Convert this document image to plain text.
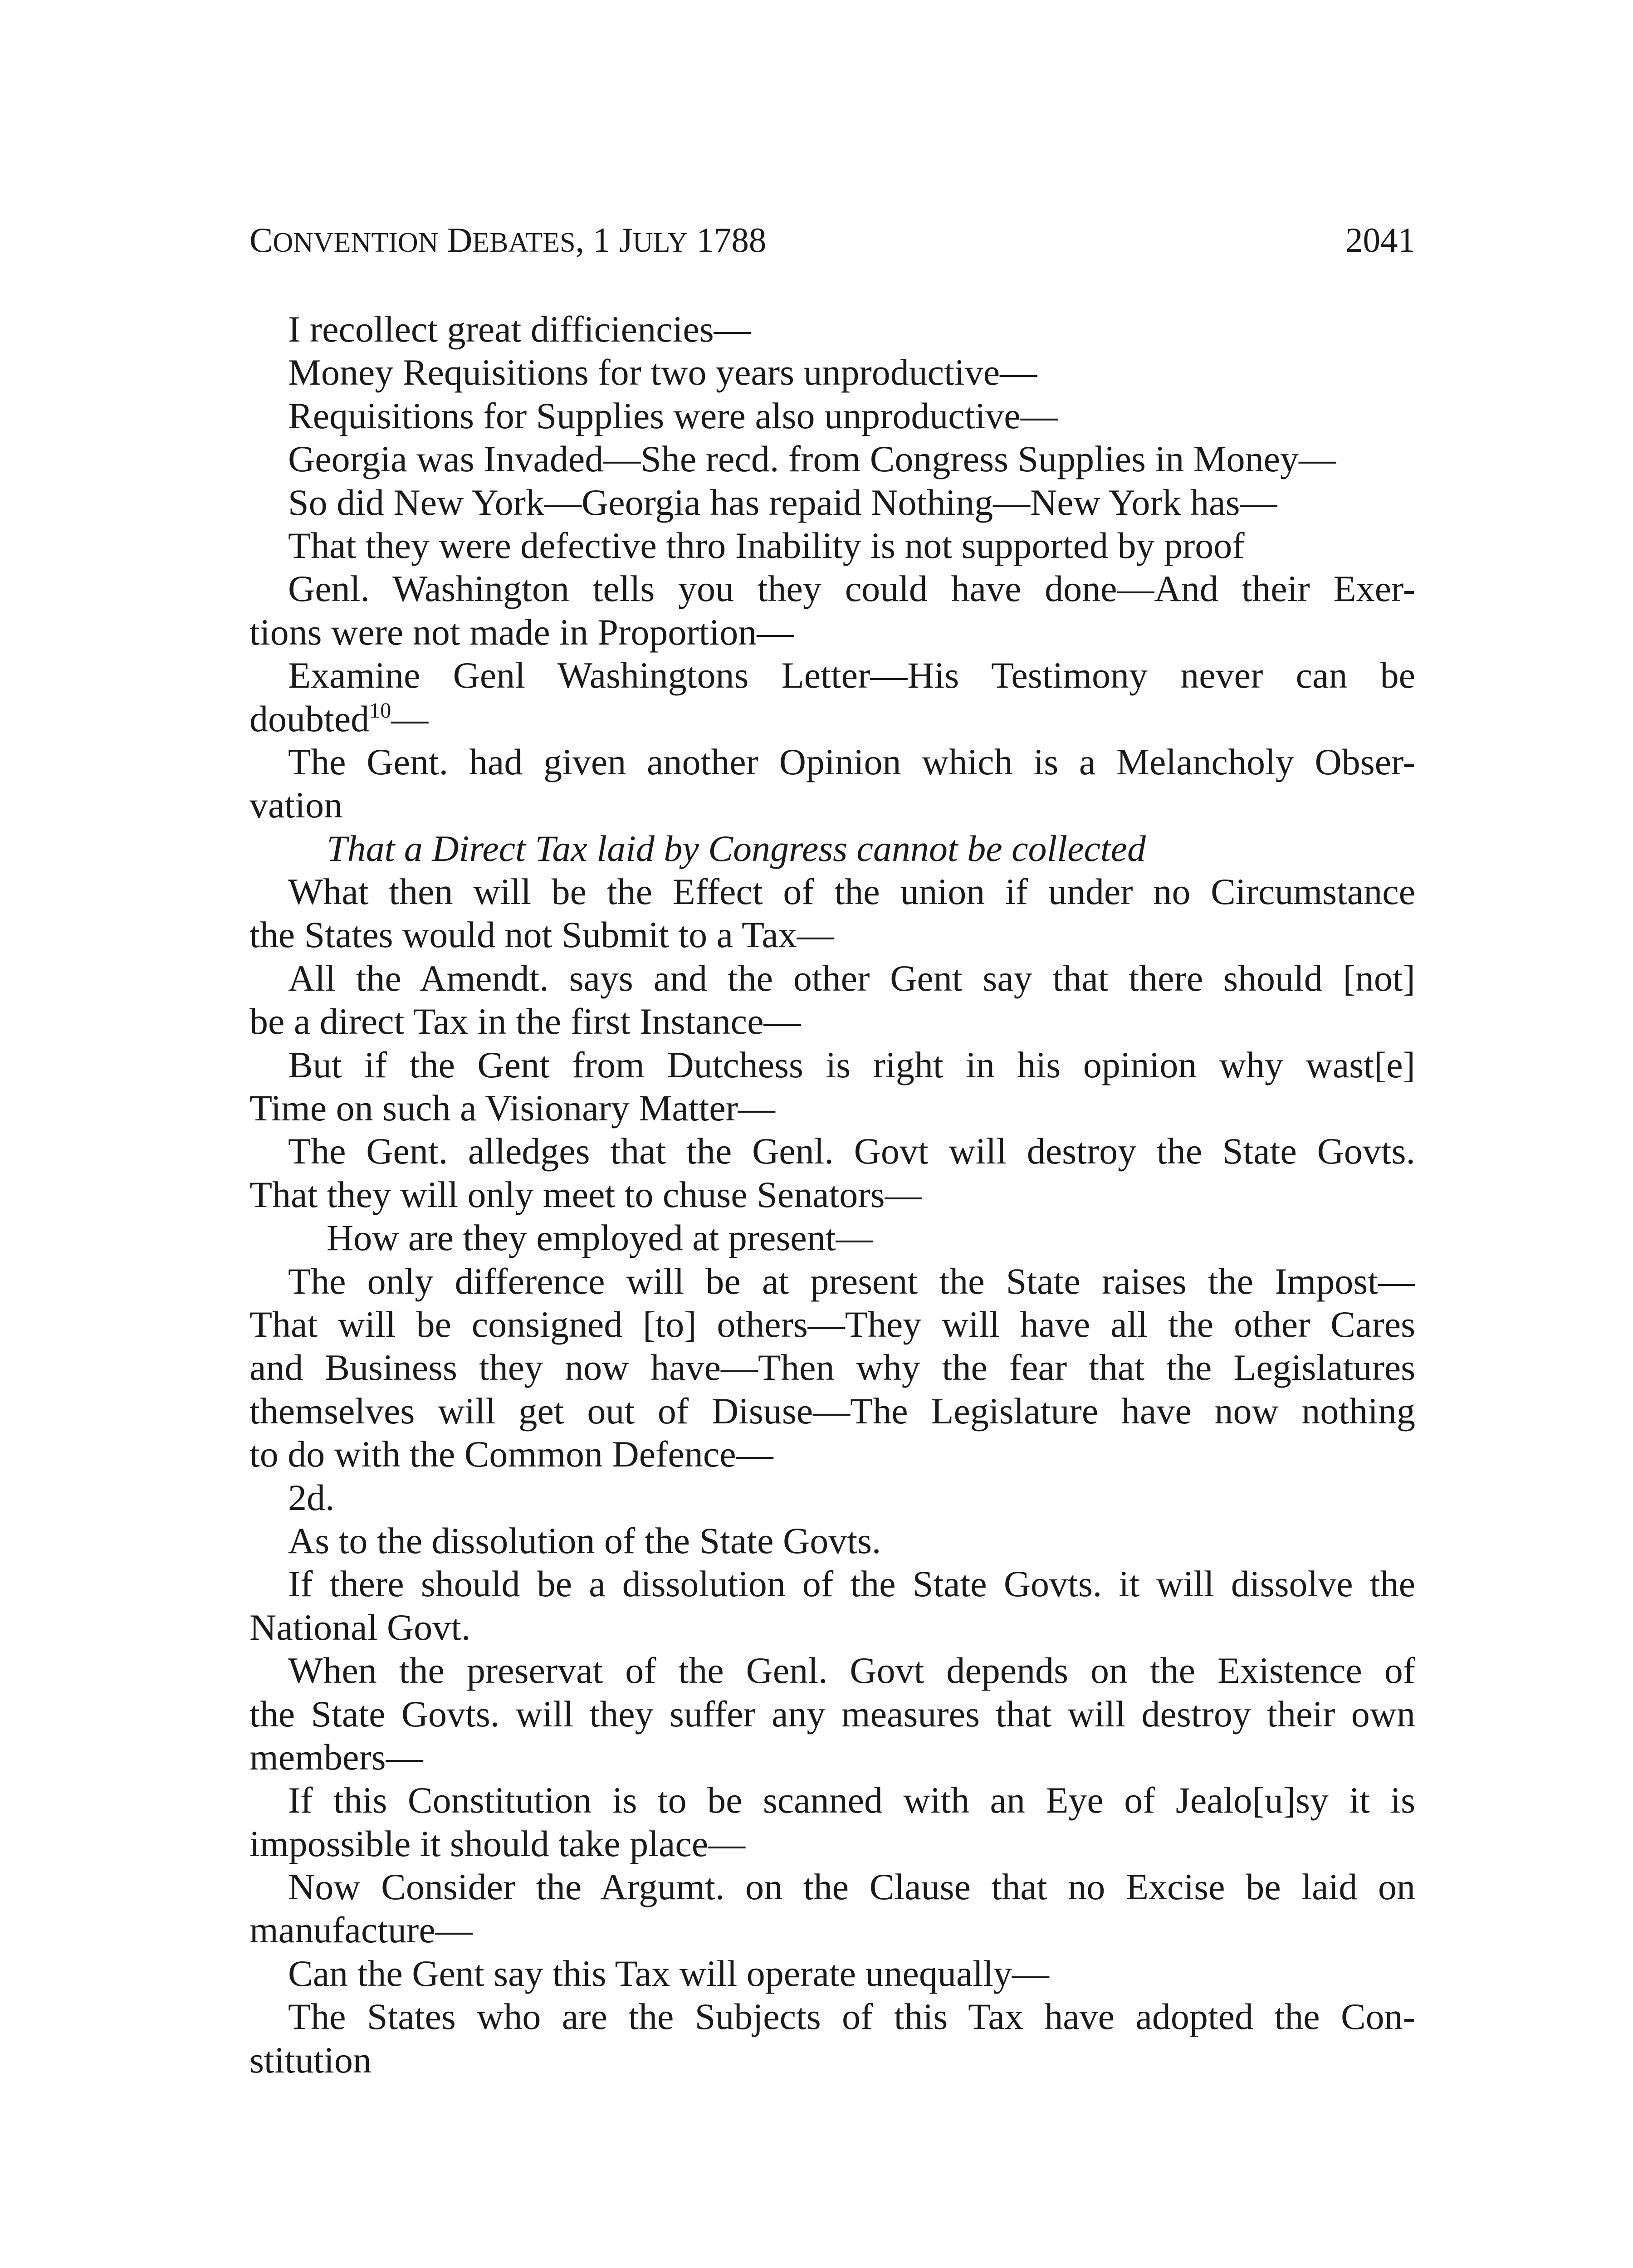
CONVENTION DEBATES, 1 JULY 1788	2041
I recollect great difficiencies—
Money Requisitions for two years unproductive—
Requisitions for Supplies were also unproductive—
Georgia was Invaded—She recd. from Congress Supplies in Money—
So did New York—Georgia has repaid Nothing—New York has—
That they were defective thro Inability is not supported by proof
Genl. Washington tells you they could have done—And their Exer-
tions were not made in Proportion—
Examine Genl Washingtons Letter—His Testimony never can be
doubted$^{10}$—
The Gent. had given another Opinion which is a Melancholy Obser-
vation
That a Direct Tax laid by Congress cannot be collected
What then will be the Effect of the union if under no Circumstance
the States would not Submit to a Tax—
All the Amendt. says and the other Gent say that there should [not]
be a direct Tax in the first Instance—
But if the Gent from Dutchess is right in his opinion why wast[e]
Time on such a Visionary Matter—
The Gent. alledges that the Genl. Govt will destroy the State Govts.
That they will only meet to chuse Senators—
How are they employed at present—
The only difference will be at present the State raises the Impost—
That will be consigned [to] others—They will have all the other Cares
and Business they now have—Then why the fear that the Legislatures
themselves will get out of Disuse—The Legislature have now nothing
to do with the Common Defence—
2d.
As to the dissolution of the State Govts.
If there should be a dissolution of the State Govts. it will dissolve the
National Govt.
When the preservat of the Genl. Govt depends on the Existence of
the State Govts. will they suffer any measures that will destroy their own
members—
If this Constitution is to be scanned with an Eye of Jealo[u]sy it is
impossible it should take place—
Now Consider the Argumt. on the Clause that no Excise be laid on
manufacture—
Can the Gent say this Tax will operate unequally—
The States who are the Subjects of this Tax have adopted the Con-
stitution
